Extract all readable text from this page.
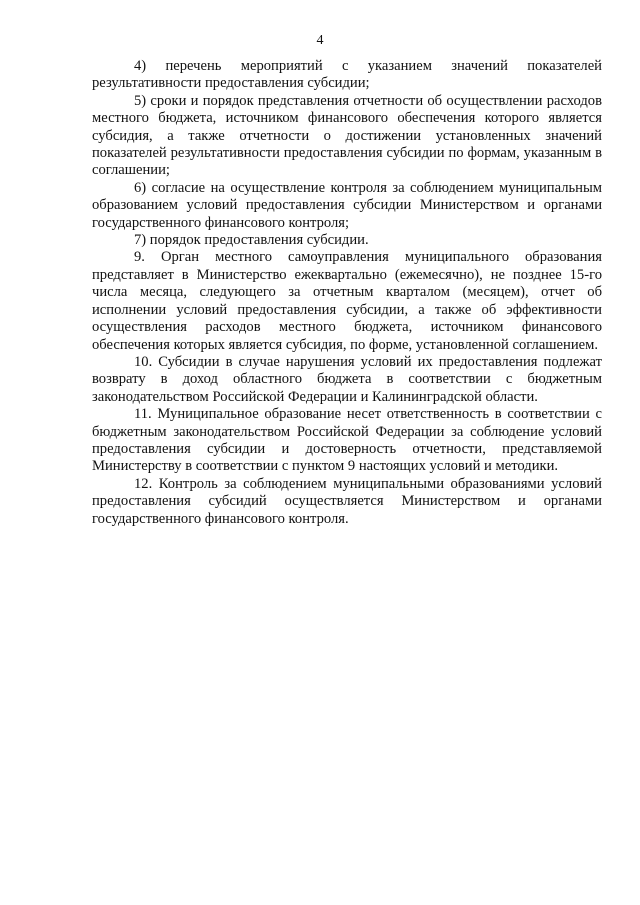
4

4) перечень мероприятий с указанием значений показателей результативности предоставления субсидии;

5) сроки и порядок представления отчетности об осуществлении расходов местного бюджета, источником финансового обеспечения которого является субсидия, а также отчетности о достижении установленных значений показателей результативности предоставления субсидии по формам, указанным в соглашении;

6) согласие на осуществление контроля за соблюдением муниципальным образованием условий предоставления субсидии Министерством и органами государственного финансового контроля;

7) порядок предоставления субсидии.

9. Орган местного самоуправления муниципального образования представляет в Министерство ежеквартально (ежемесячно), не позднее 15-го числа месяца, следующего за отчетным кварталом (месяцем), отчет об исполнении условий предоставления субсидии, а также об эффективности осуществления расходов местного бюджета, источником финансового обеспечения которых является субсидия, по форме, установленной соглашением.

10. Субсидии в случае нарушения условий их предоставления подлежат возврату в доход областного бюджета в соответствии с бюджетным законодательством Российской Федерации и Калининградской области.

11. Муниципальное образование несет ответственность в соответствии с бюджетным законодательством Российской Федерации за соблюдение условий предоставления субсидии и достоверность отчетности, представляемой Министерству в соответствии с пунктом 9 настоящих условий и методики.

12. Контроль за соблюдением муниципальными образованиями условий предоставления субсидий осуществляется Министерством и органами государственного финансового контроля.
